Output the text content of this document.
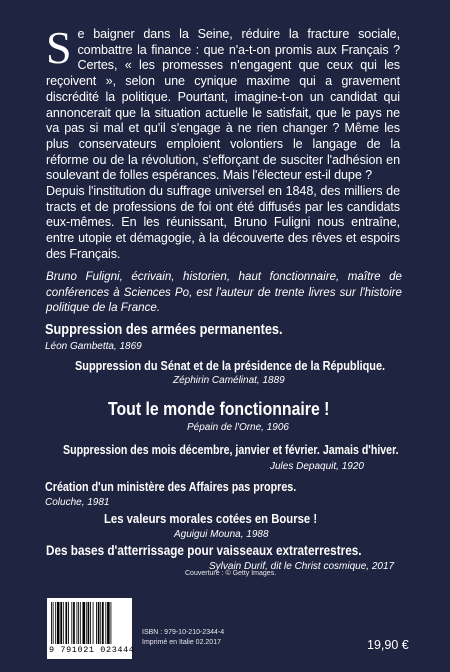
S e baigner dans la Seine, réduire la fracture sociale, combattre la finance : que n'a-t-on promis aux Français ? Certes, « les promesses n'engagent que ceux qui les reçoivent », selon une cynique maxime qui a gravement discrédité la politique. Pourtant, imagine-t-on un candidat qui annoncerait que la situation actuelle le satisfait, que le pays ne va pas si mal et qu'il s'engage à ne rien changer ? Même les plus conservateurs emploient volontiers le langage de la réforme ou de la révolution, s'efforçant de susciter l'adhésion en soulevant de folles espérances. Mais l'électeur est-il dupe ?

Depuis l'institution du suffrage universel en 1848, des milliers de tracts et de professions de foi ont été diffusés par les candidats eux-mêmes. En les réunissant, Bruno Fuligni nous entraîne, entre utopie et démagogie, à la découverte des rêves et espoirs des Français.

Bruno Fuligni, écrivain, historien, haut fonctionnaire, maître de conférences à Sciences Po, est l'auteur de trente livres sur l'histoire politique de la France.

Suppression des armées permanentes.

Léon Gambetta, 1869

Suppression du Sénat et de la présidence de la République.

Zéphirin Camélinat, 1889

Tout le monde fonctionnaire !

Pépain de l'Orne, 1906

Suppression des mois décembre, janvier et février. Jamais d'hiver.

Jules Depaquit, 1920

Création d'un ministère des Affaires pas propres.

Coluche, 1981

Les valeurs morales cotées en Bourse !

Aguigui Mouna, 1988

Des bases d'atterrissage pour vaisseaux extraterrestres.

Sylvain Durif, dit le Christ cosmique, 2017

Couverture : © Getty Images.
9 791021 023444
ISBN : 979-10-210-2344-4
Imprimé en Italie 02.2017	19,90 €
